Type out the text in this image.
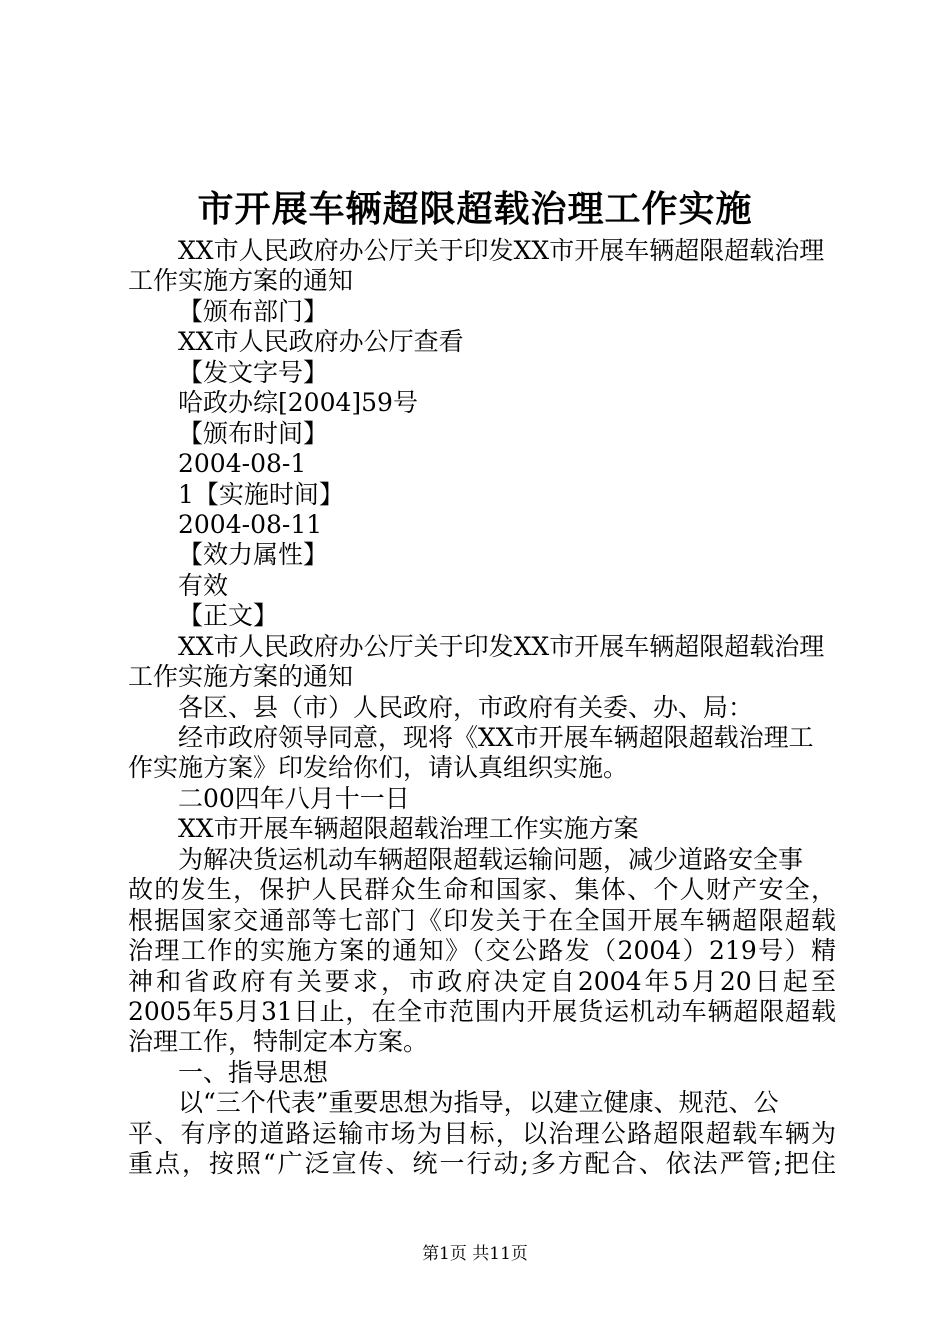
市开展车辆超限超载治理工作实施
XX市人民政府办公厅关于印发XX市开展车辆超限超载治理
工作实施方案的通知
【颁布部门】
XX市人民政府办公厅查看
【发文字号】
哈政办综[2004]59号
【颁布时间】
2004-08-1
1【实施时间】
2004-08-11
【效力属性】
有效
【正文】
XX市人民政府办公厅关于印发XX市开展车辆超限超载治理
工作实施方案的通知
各区、县（市）人民政府，市政府有关委、办、局：
经市政府领导同意，现将《XX市开展车辆超限超载治理工
作实施方案》印发给你们，请认真组织实施。
二00四年八月十一日
XX市开展车辆超限超载治理工作实施方案
为解决货运机动车辆超限超载运输问题，减少道路安全事
故的发生，保护人民群众生命和国家、集体、个人财产安全，
根据国家交通部等七部门《印发关于在全国开展车辆超限超载
治理工作的实施方案的通知》（交公路发（2004）219号）精
神和省政府有关要求，市政府决定自2004年5月20日起至
2005年5月31日止，在全市范围内开展货运机动车辆超限超载
治理工作，特制定本方案。
一、指导思想
以“三个代表”重要思想为指导，以建立健康、规范、公
平、有序的道路运输市场为目标，以治理公路超限超载车辆为
重点，按照“广泛宣传、统一行动;多方配合、依法严管;把住
第1页 共11页
